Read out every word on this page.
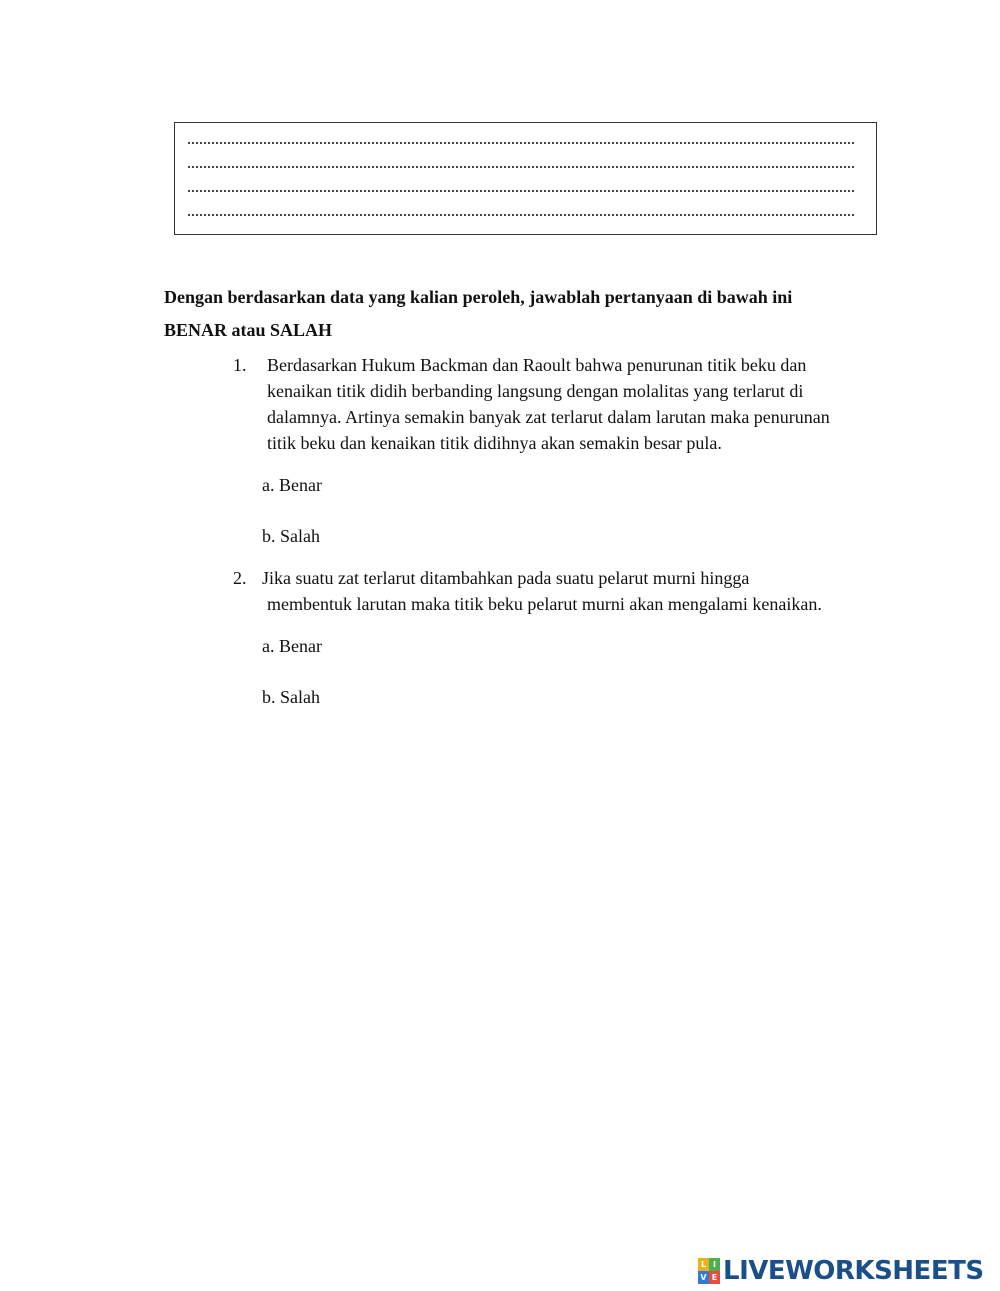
Dengan berdasarkan data yang kalian peroleh, jawablah pertanyaan di bawah ini
BENAR atau SALAH
1. Berdasarkan Hukum Backman dan Raoult bahwa penurunan titik beku dan
kenaikan titik didih berbanding langsung dengan molalitas yang terlarut di
dalamnya. Artinya semakin banyak zat terlarut dalam larutan maka penurunan
titik beku dan kenaikan titik didihnya akan semakin besar pula.
a. Benar
b. Salah
2. Jika suatu zat terlarut ditambahkan pada suatu pelarut murni hingga
membentuk larutan maka titik beku pelarut murni akan mengalami kenaikan.
a. Benar
b. Salah
L I
V E LIVEWORKSHEETS
